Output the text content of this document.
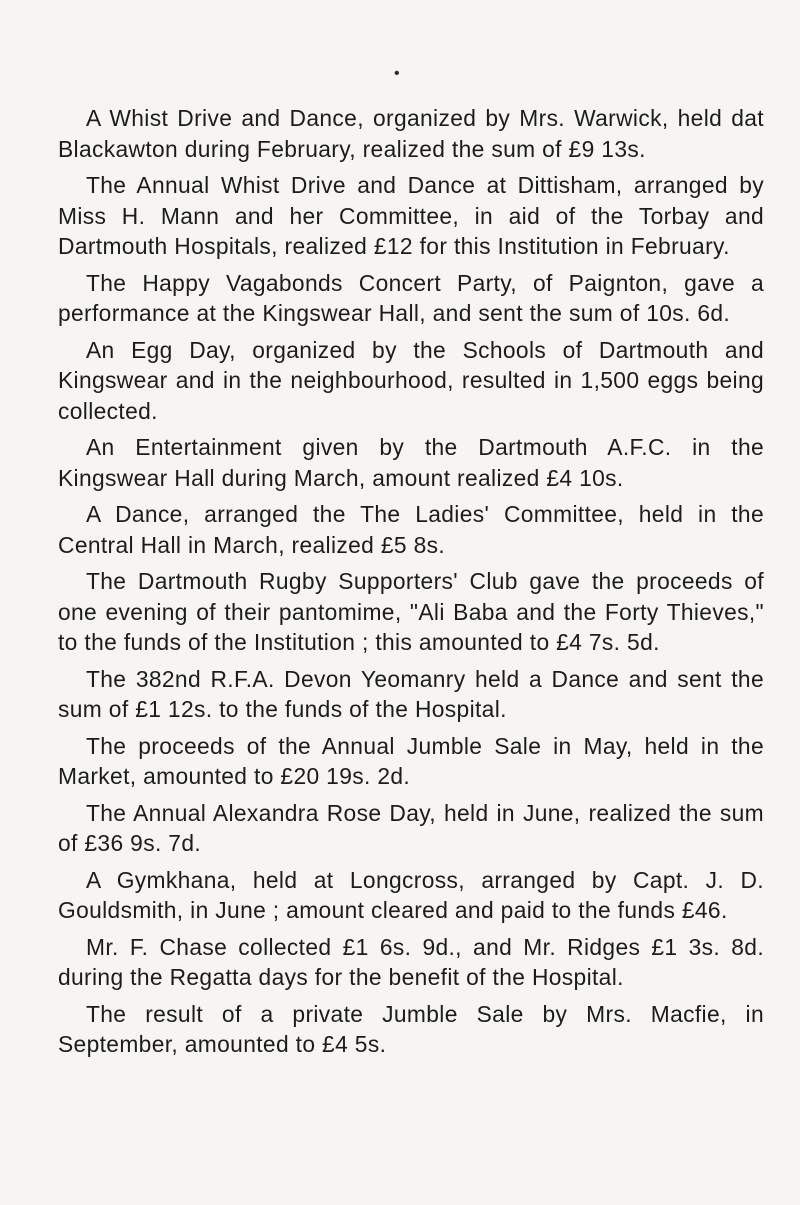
•

A Whist Drive and Dance, organized by Mrs. Warwick, held dat Blackawton during February, realized the sum of £9 13s.

The Annual Whist Drive and Dance at Dittisham, arranged by Miss H. Mann and her Committee, in aid of the Torbay and Dartmouth Hospitals, realized £12 for this Institution in February.

The Happy Vagabonds Concert Party, of Paignton, gave a performance at the Kingswear Hall, and sent the sum of 10s. 6d.

An Egg Day, organized by the Schools of Dartmouth and Kingswear and in the neighbourhood, resulted in 1,500 eggs being collected.

An Entertainment given by the Dartmouth A.F.C. in the Kingswear Hall during March, amount realized £4 10s.

A Dance, arranged the The Ladies' Committee, held in the Central Hall in March, realized £5 8s.

The Dartmouth Rugby Supporters' Club gave the proceeds of one evening of their pantomime, "Ali Baba and the Forty Thieves," to the funds of the Institution ; this amounted to £4 7s. 5d.

The 382nd R.F.A. Devon Yeomanry held a Dance and sent the sum of £1 12s. to the funds of the Hospital.

The proceeds of the Annual Jumble Sale in May, held in the Market, amounted to £20 19s. 2d.

The Annual Alexandra Rose Day, held in June, realized the sum of £36 9s. 7d.

A Gymkhana, held at Longcross, arranged by Capt. J. D. Gouldsmith, in June ; amount cleared and paid to the funds £46.

Mr. F. Chase collected £1 6s. 9d., and Mr. Ridges £1 3s. 8d. during the Regatta days for the benefit of the Hospital.

The result of a private Jumble Sale by Mrs. Macfie, in September, amounted to £4 5s.
